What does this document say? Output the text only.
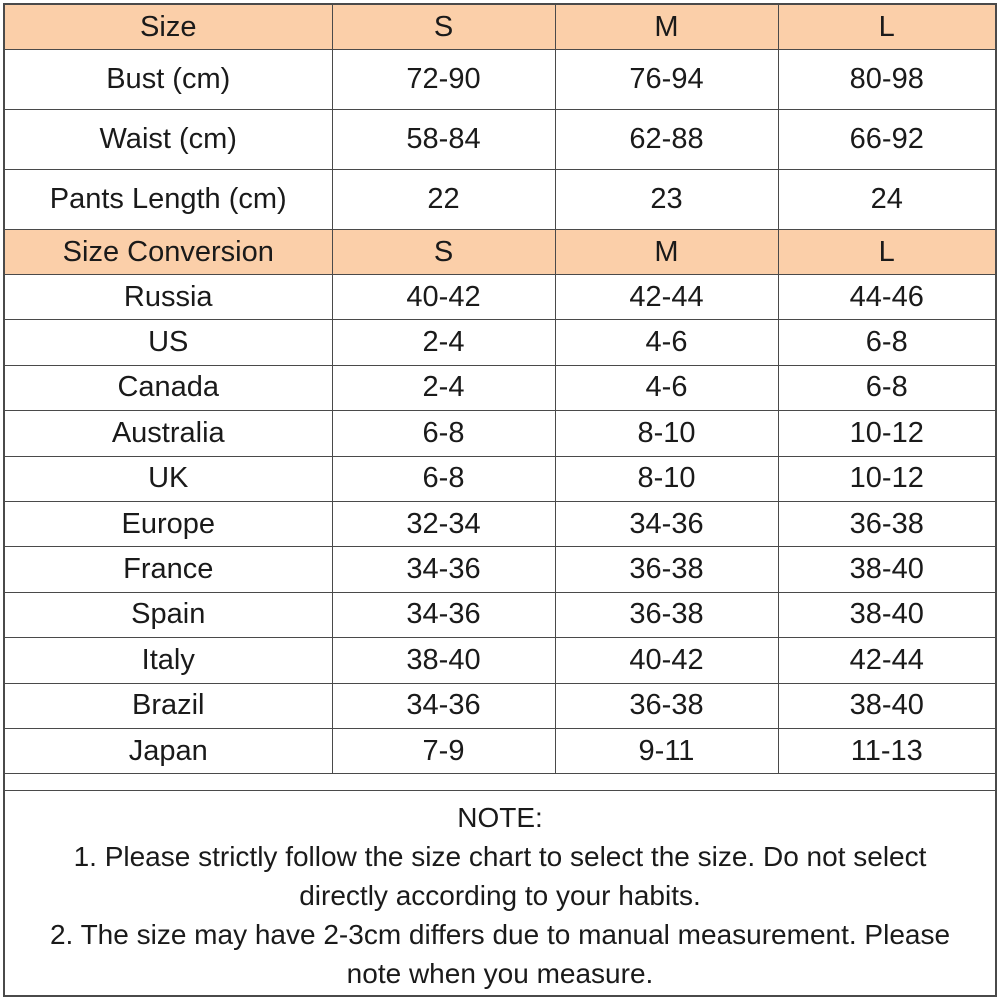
Size	S	M	L
Bust (cm)	72-90	76-94	80-98
Waist (cm)	58-84	62-88	66-92
Pants Length (cm)	22	23	24
Size Conversion	S	M	L
Russia	40-42	42-44	44-46
US	2-4	4-6	6-8
Canada	2-4	4-6	6-8
Australia	6-8	8-10	10-12
UK	6-8	8-10	10-12
Europe	32-34	34-36	36-38
France	34-36	36-38	38-40
Spain	34-36	36-38	38-40
Italy	38-40	40-42	42-44
Brazil	34-36	36-38	38-40
Japan	7-9	9-11	11-13
NOTE:
1. Please strictly follow the size chart to select the size. Do not select
directly according to your habits.
2. The size may have 2-3cm differs due to manual measurement. Please
note when you measure.
